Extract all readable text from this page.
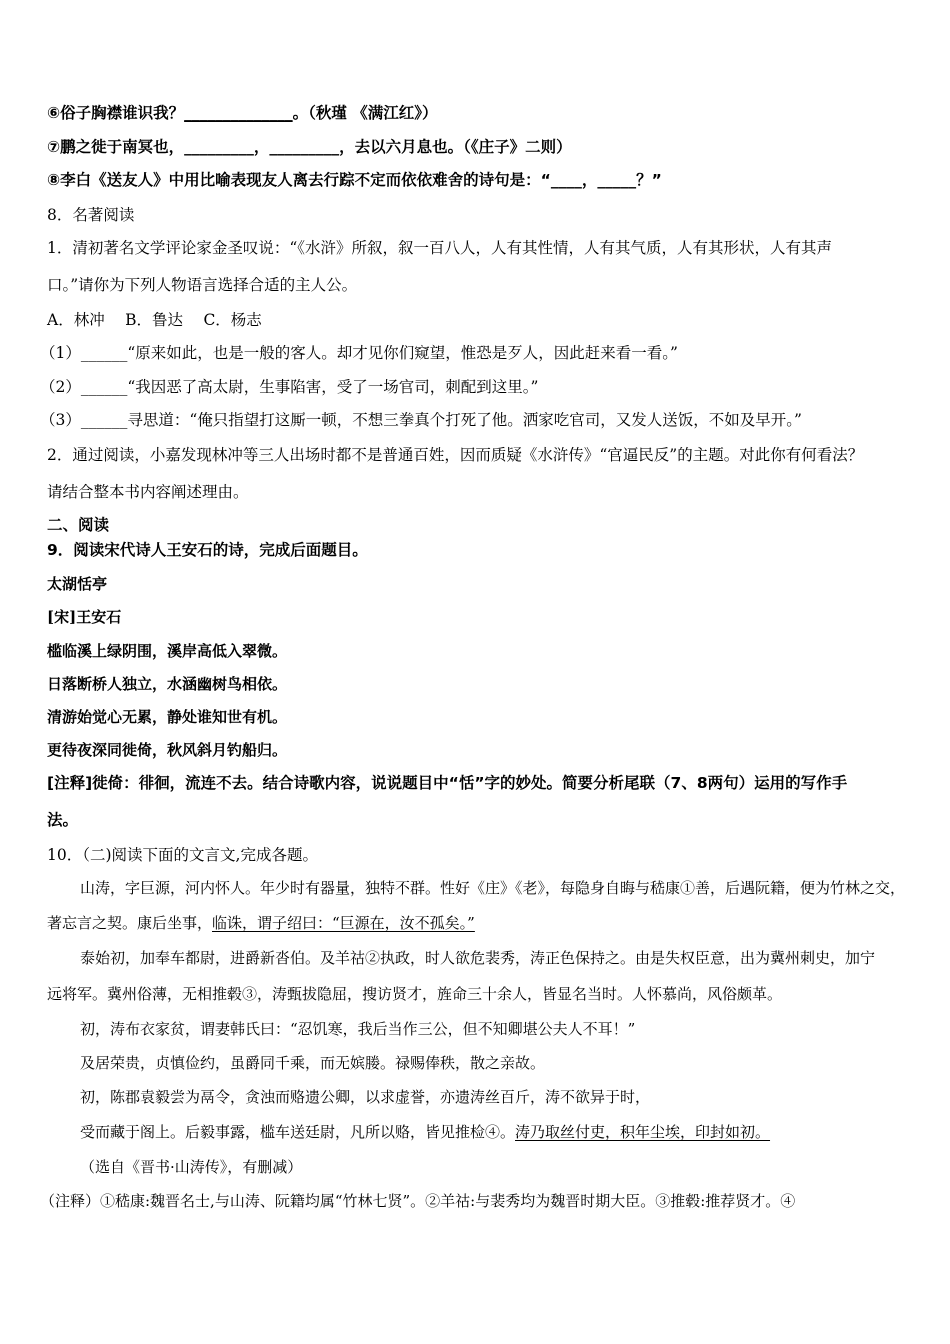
⑥俗子胸襟谁识我？______________。（秋瑾 《满江红》）
⑦鹏之徙于南冥也，_________，_________，去以六月息也。（《庄子》二则）
⑧李白《送友人》中用比喻表现友人离去行踪不定而依依难舍的诗句是：“____，_____？”
8．名著阅读
1．清初著名文学评论家金圣叹说：“《水浒》所叙，叙一百八人，人有其性情，人有其气质，人有其形状，人有其声
口。”请你为下列人物语言选择合适的主人公。
A．林冲　 B．鲁达　 C．杨志
（1）______“原来如此，也是一般的客人。却才见你们窥望，惟恐是歹人，因此赶来看一看。”
（2）______“我因恶了高太尉，生事陷害，受了一场官司，刺配到这里。”
（3）______寻思道：“俺只指望打这厮一顿，不想三拳真个打死了他。洒家吃官司，又发人送饭，不如及早开。”
2．通过阅读，小嘉发现林冲等三人出场时都不是普通百姓，因而质疑《水浒传》“官逼民反”的主题。对此你有何看法？
请结合整本书内容阐述理由。
二、阅读
9．阅读宋代诗人王安石的诗，完成后面题目。
太湖恬亭
[宋]王安石
槛临溪上绿阴围，溪岸高低入翠微。
日落断桥人独立，水涵幽树鸟相依。
清游始觉心无累，静处谁知世有机。
更待夜深同徙倚，秋风斜月钓船归。
[注释]徙倚：徘徊，流连不去。结合诗歌内容，说说题目中“恬”字的妙处。简要分析尾联（7、8两句）运用的写作手
法。
10．（二)阅读下面的文言文,完成各题。
山涛，字巨源，河内怀人。年少时有器量，独特不群。性好《庄》《老》，每隐身自晦与嵇康①善，后遇阮籍，便为竹林之交，
著忘言之契。康后坐事，临诛，谓子绍曰：“巨源在，汝不孤矣。”
泰始初，加奉车都尉，进爵新沓伯。及羊祜②执政，时人欲危裴秀，涛正色保持之。由是失权臣意，出为冀州刺史，加宁
远将军。冀州俗薄，无相推毂③，涛甄拔隐屈，搜访贤才，旌命三十余人，皆显名当时。人怀慕尚，风俗颇革。
初，涛布衣家贫，谓妻韩氏曰：“忍饥寒，我后当作三公，但不知卿堪公夫人不耳！”
及居荣贵，贞慎俭约，虽爵同千乘，而无嫔媵。禄赐俸秩，散之亲故。
初，陈郡袁毅尝为鬲令，贪浊而赂遗公卿，以求虚誉，亦遗涛丝百斤，涛不欲异于时，
受而藏于阁上。后毅事露，槛车送廷尉，凡所以赂，皆见推检④。涛乃取丝付吏，积年尘埃，印封如初。
（选自《晋书·山涛传》，有删减）
（注释）①嵇康:魏晋名士,与山涛、阮籍均属“竹林七贤”。②羊祜:与裴秀均为魏晋时期大臣。③推毂:推荐贤才。④
